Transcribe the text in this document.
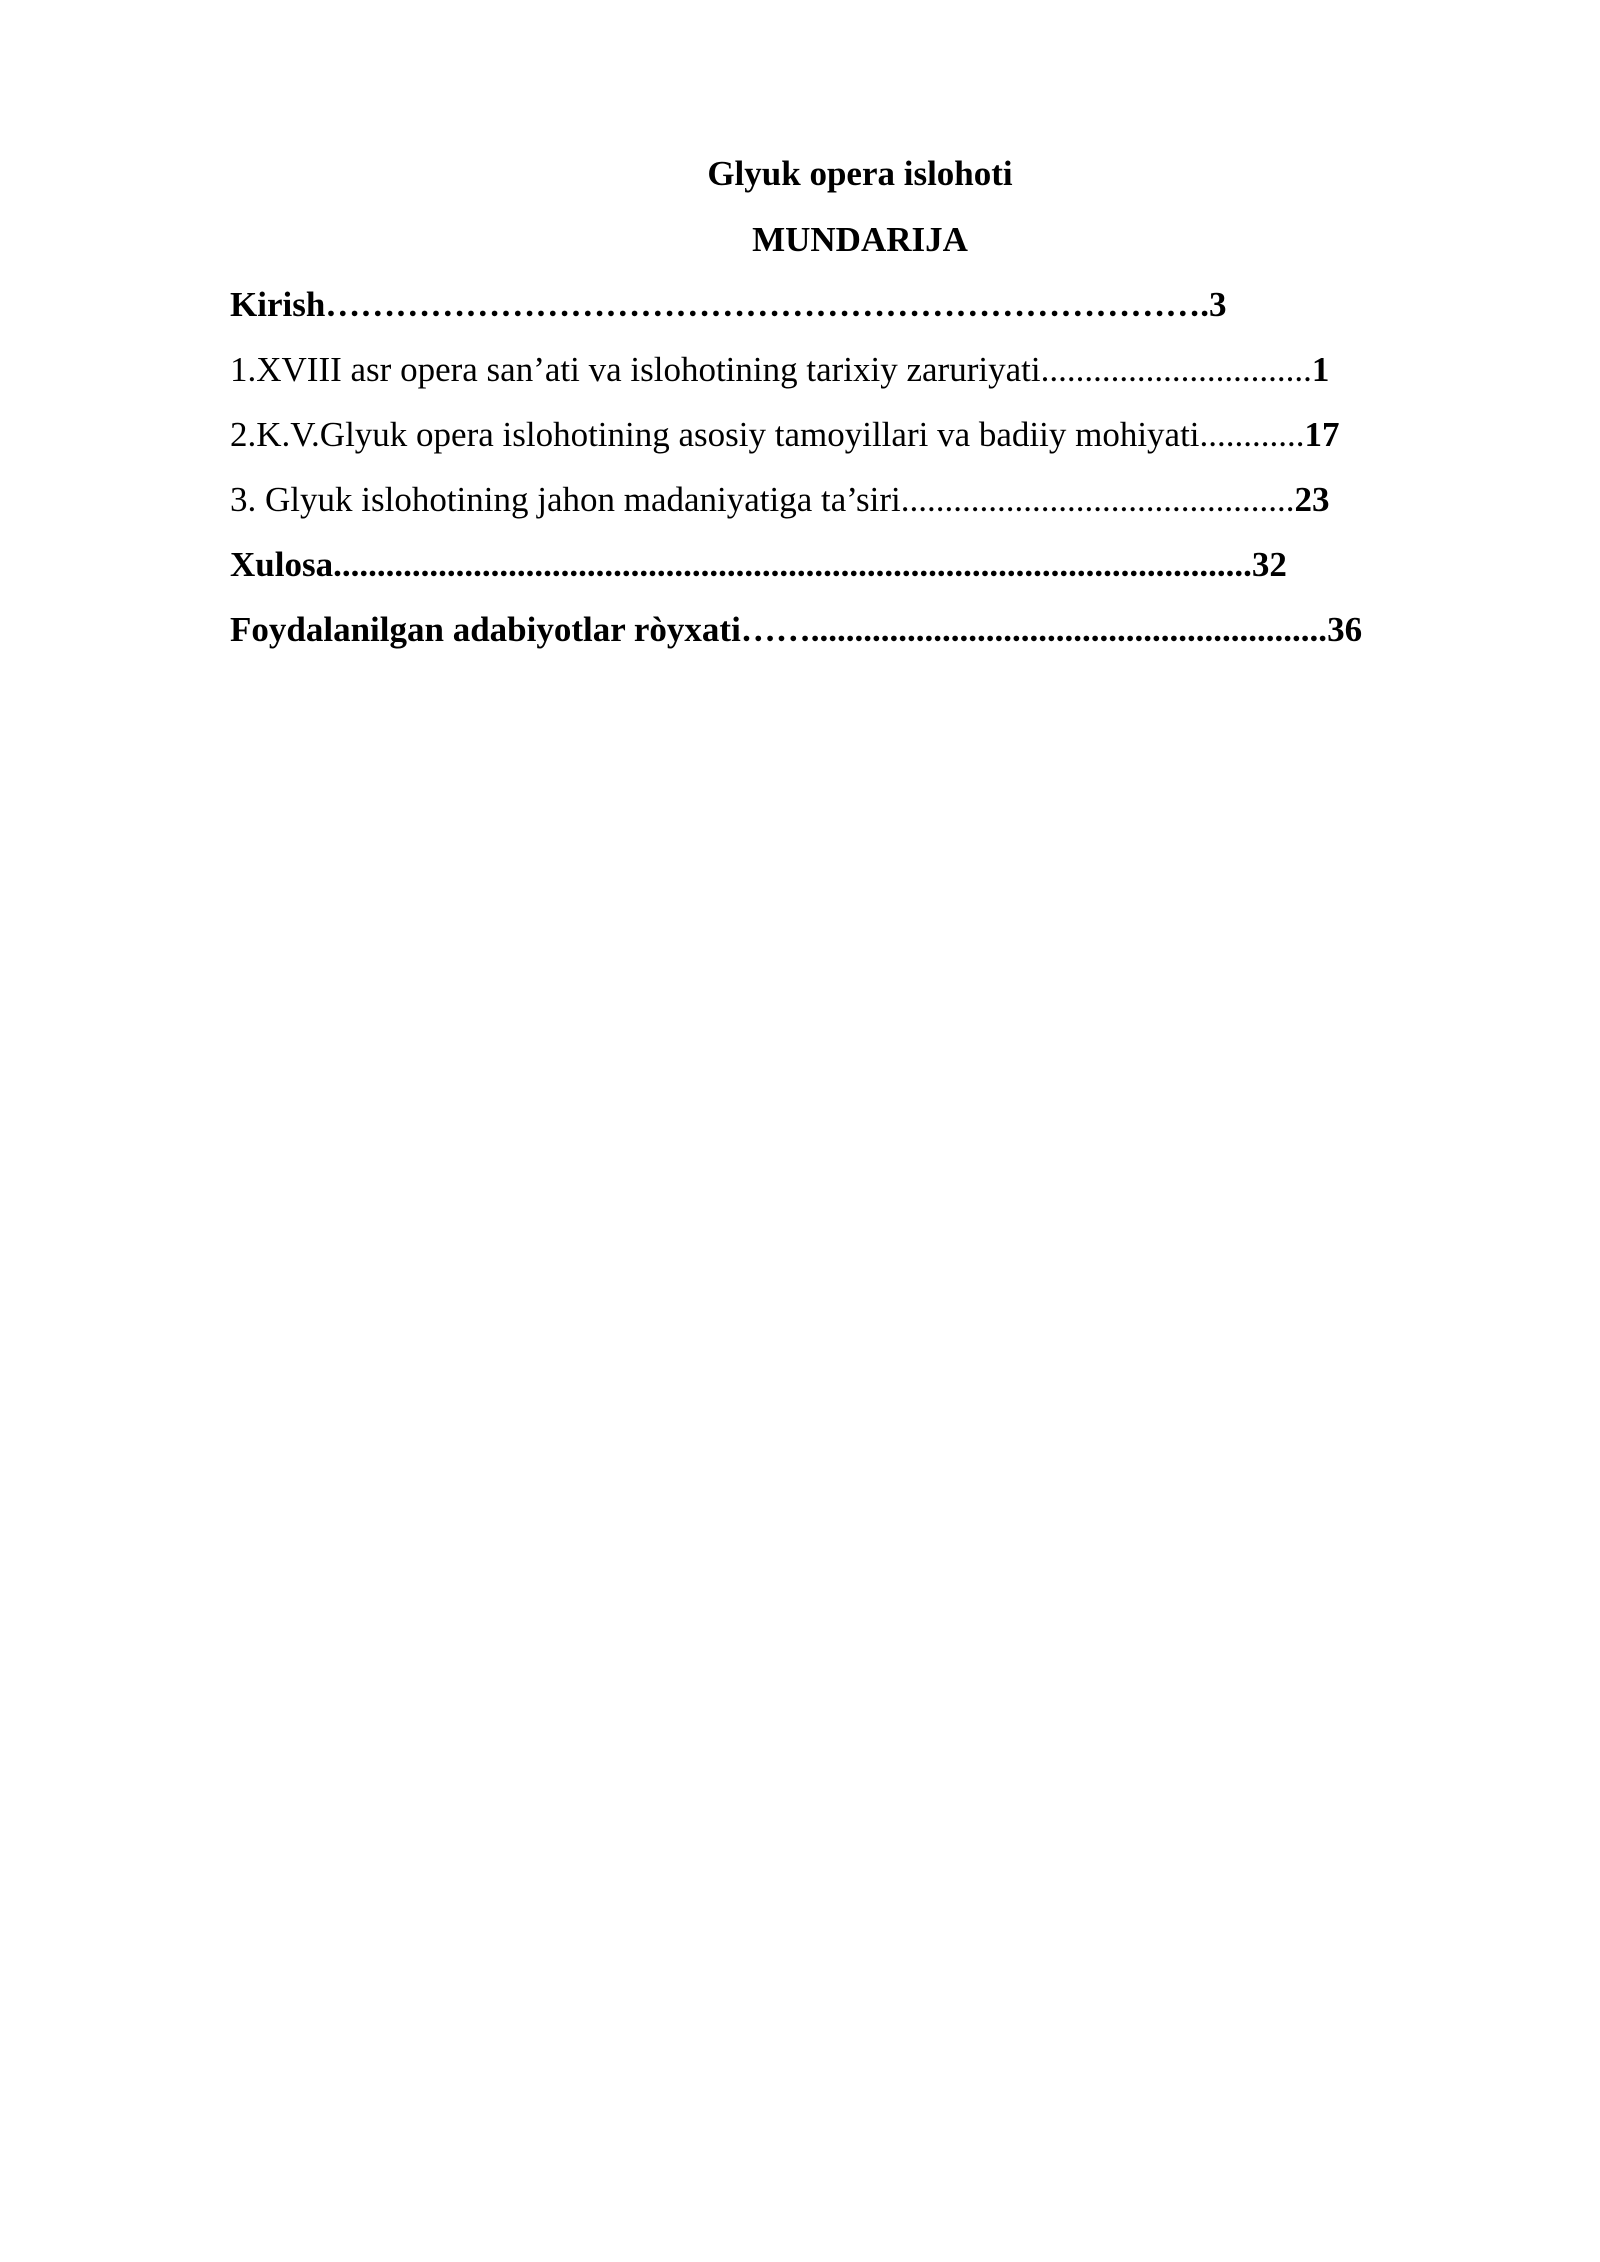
Glyuk opera islohoti
MUNDARIJA
Kirish………………………………………………………………….3
1.XVIII asr opera san’ati va islohotining tarixiy zaruriyati...............................1
2.K.V.Glyuk opera islohotining asosiy tamoyillari va badiiy mohiyati............17
3. Glyuk islohotining jahon madaniyatiga ta’siri.............................................23
Xulosa.........................................................................................................32
Foydalanilgan adabiyotlar ròyxati……...........................................................36
